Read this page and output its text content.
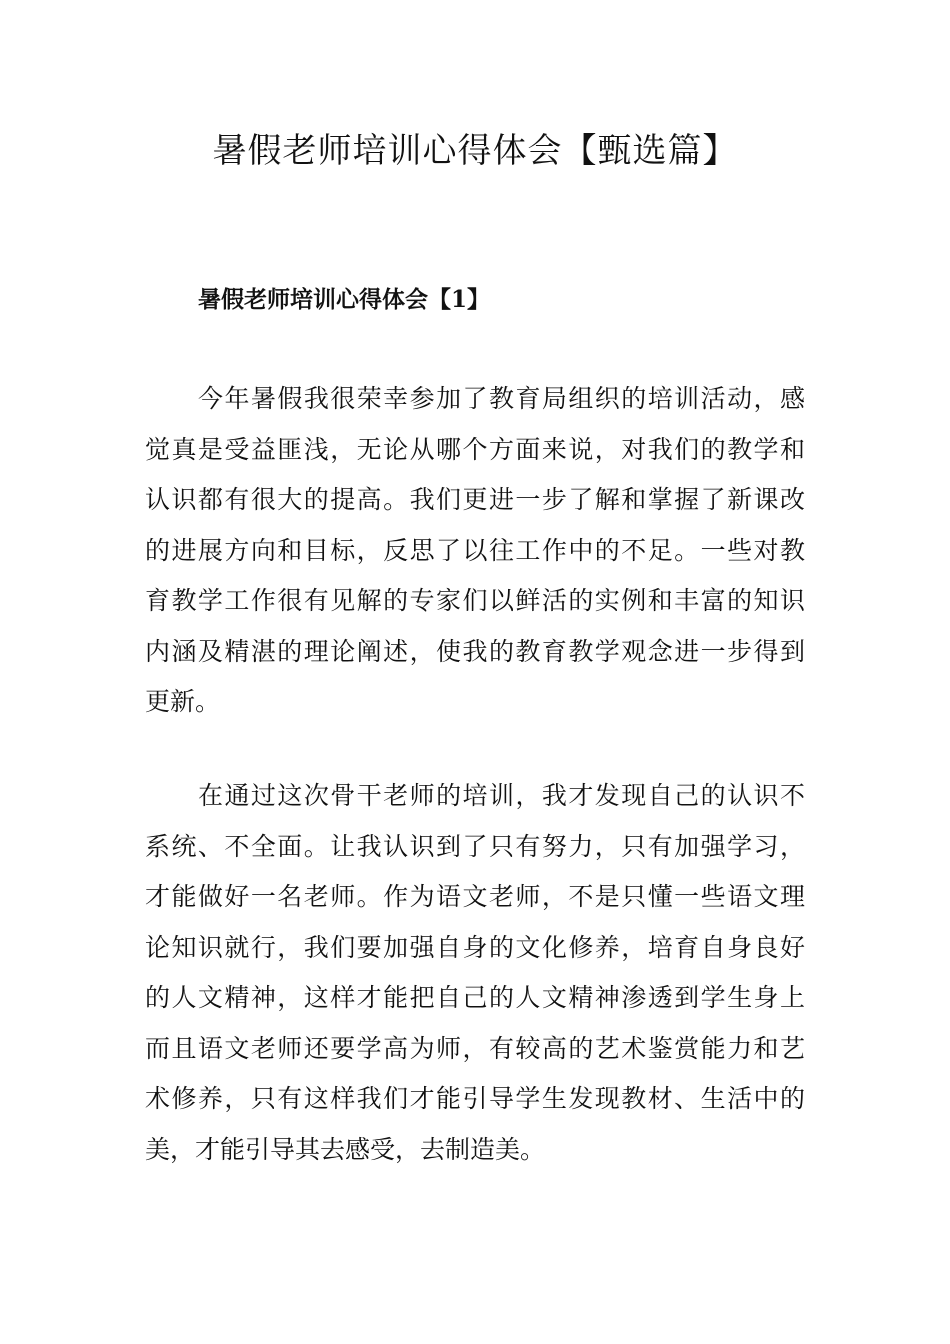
暑假老师培训心得体会【甄选篇】
暑假老师培训心得体会【1】

今年暑假我很荣幸参加了教育局组织的培训活动，感
觉真是受益匪浅，无论从哪个方面来说，对我们的教学和
认识都有很大的提高。我们更进一步了解和掌握了新课改
的进展方向和目标，反思了以往工作中的不足。一些对教
育教学工作很有见解的专家们以鲜活的实例和丰富的知识
内涵及精湛的理论阐述，使我的教育教学观念进一步得到
更新。

在通过这次骨干老师的培训，我才发现自己的认识不
系统、不全面。让我认识到了只有努力，只有加强学习，
才能做好一名老师。作为语文老师，不是只懂一些语文理
论知识就行，我们要加强自身的文化修养，培育自身良好
的人文精神，这样才能把自己的人文精神渗透到学生身上
而且语文老师还要学高为师，有较高的艺术鉴赏能力和艺
术修养，只有这样我们才能引导学生发现教材、生活中的
美，才能引导其去感受，去制造美。
